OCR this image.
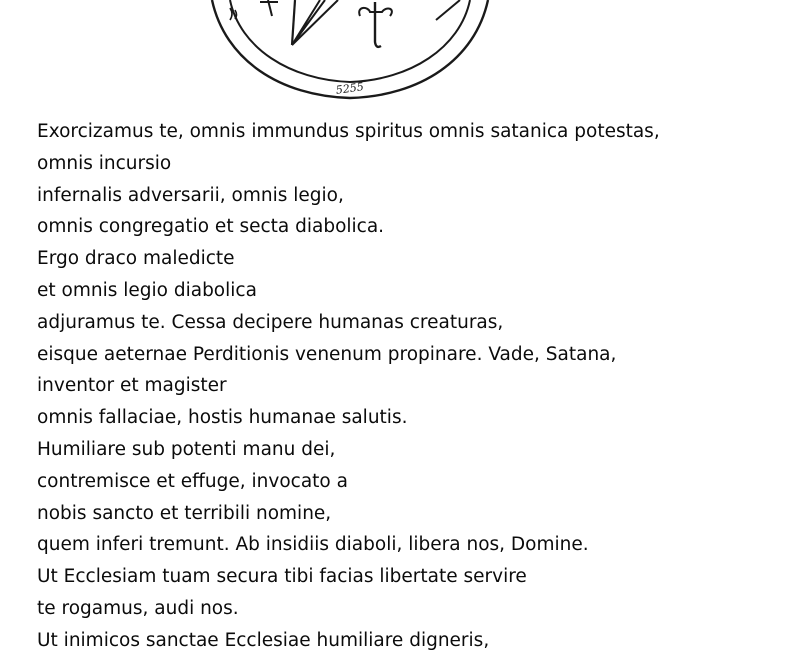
5255
Exorcizamus te, omnis immundus spiritus omnis satanica potestas,
omnis incursio
infernalis adversarii, omnis legio,
omnis congregatio et secta diabolica.
Ergo draco maledicte
et omnis legio diabolica
adjuramus te. Cessa decipere humanas creaturas,
eisque aeternae Perditionis venenum propinare. Vade, Satana,
inventor et magister
omnis fallaciae, hostis humanae salutis.
Humiliare sub potenti manu dei,
contremisce et effuge, invocato a
nobis sancto et terribili nomine,
quem inferi tremunt. Ab insidiis diaboli, libera nos, Domine.
Ut Ecclesiam tuam secura tibi facias libertate servire
te rogamus, audi nos.
Ut inimicos sanctae Ecclesiae humiliare digneris,
